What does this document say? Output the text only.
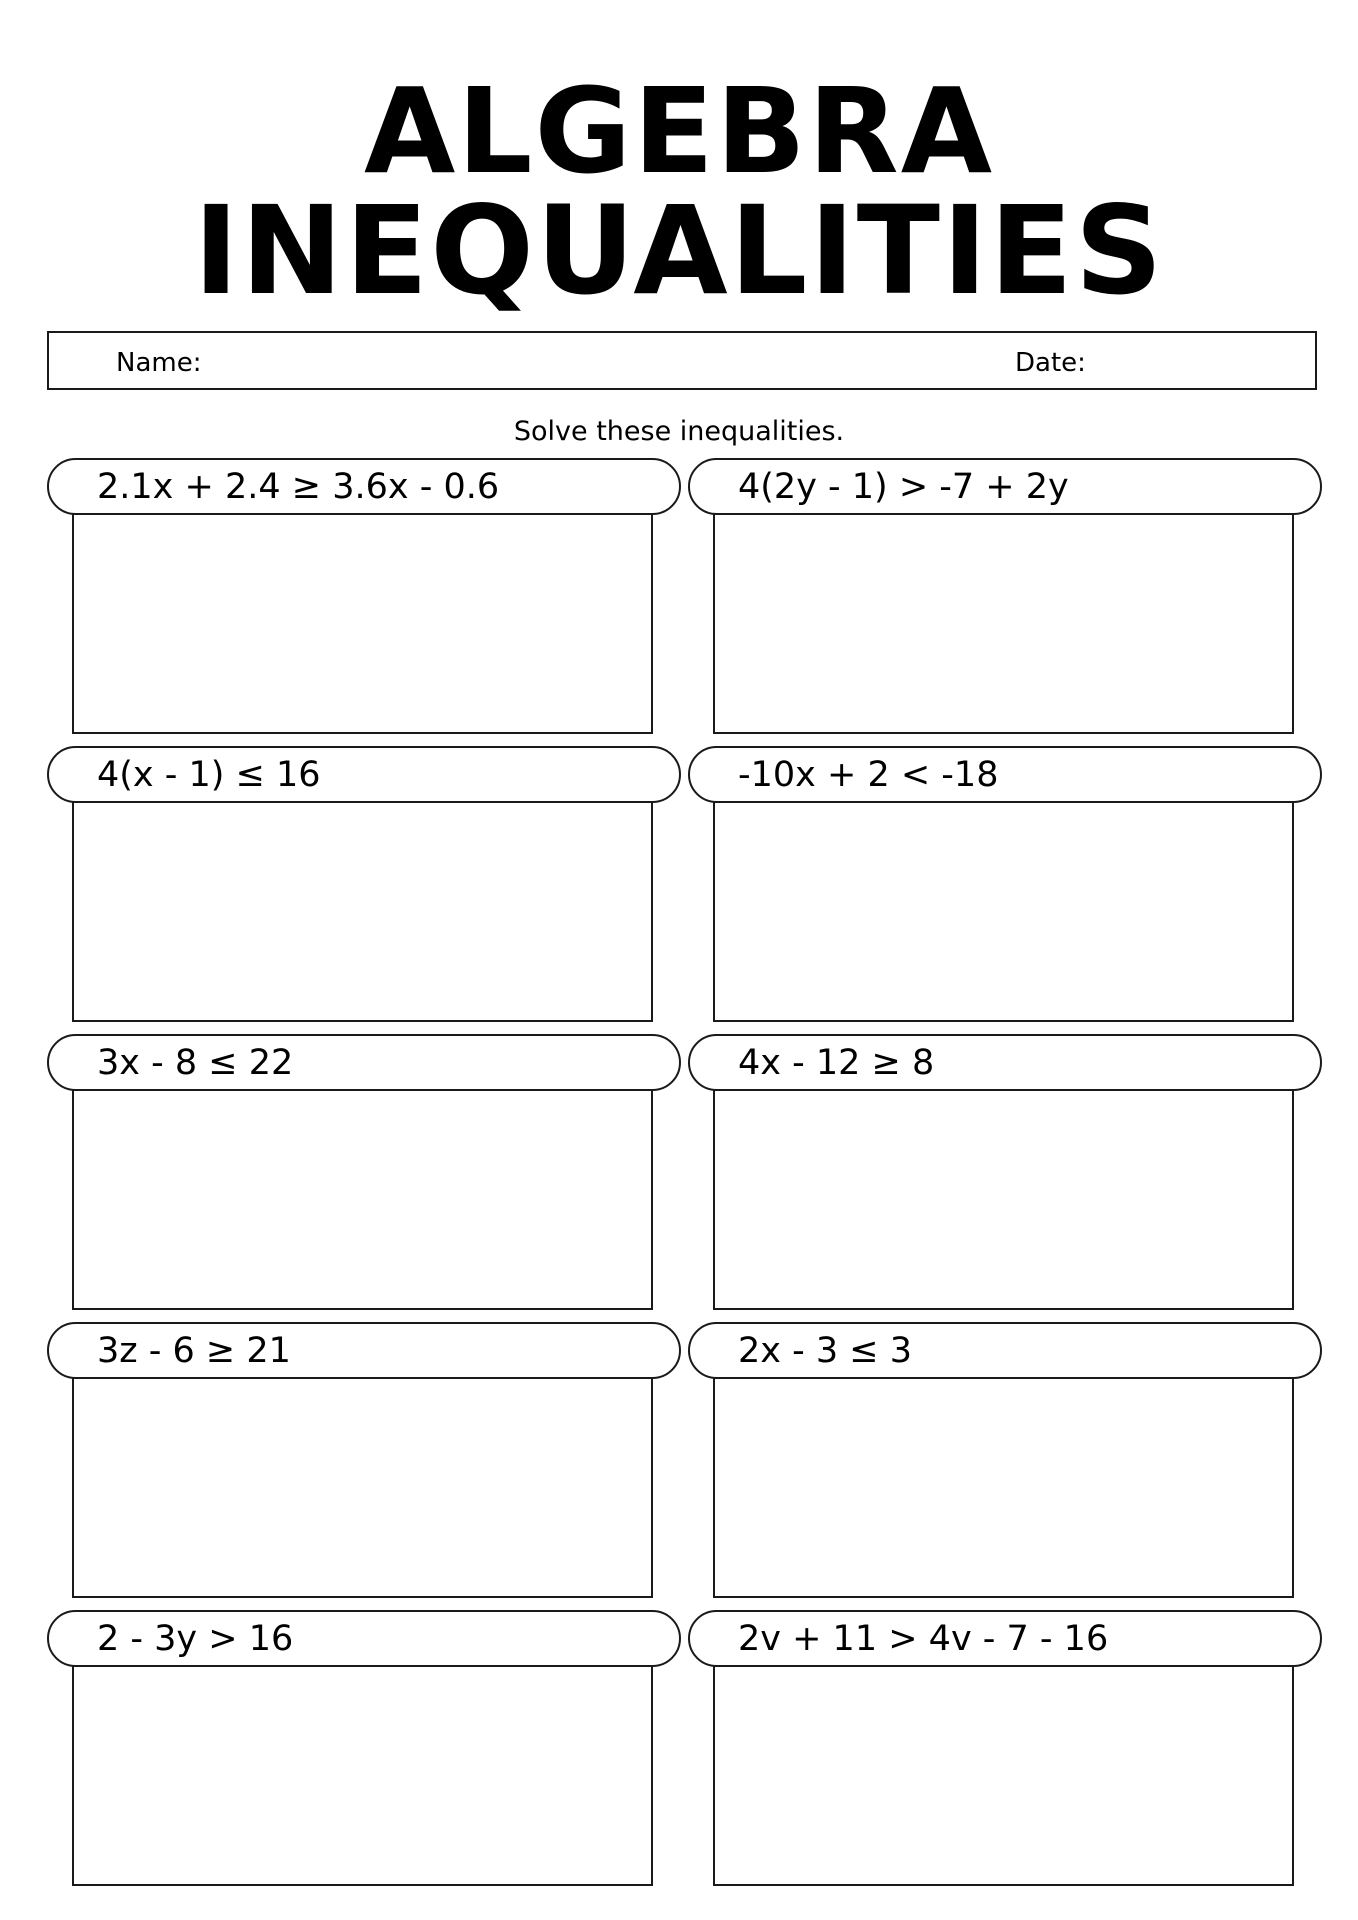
ALGEBRA
INEQUALITIES
Name:	Date:
Solve these inequalities.
2.1x + 2.4 ≥ 3.6x - 0.6	4(2y - 1) > -7 + 2y
4(x - 1) ≤ 16	-10x + 2 < -18
3x - 8 ≤ 22	4x - 12 ≥ 8
3z - 6 ≥ 21	2x - 3 ≤ 3
2 - 3y > 16	2v + 11 > 4v - 7 - 16
